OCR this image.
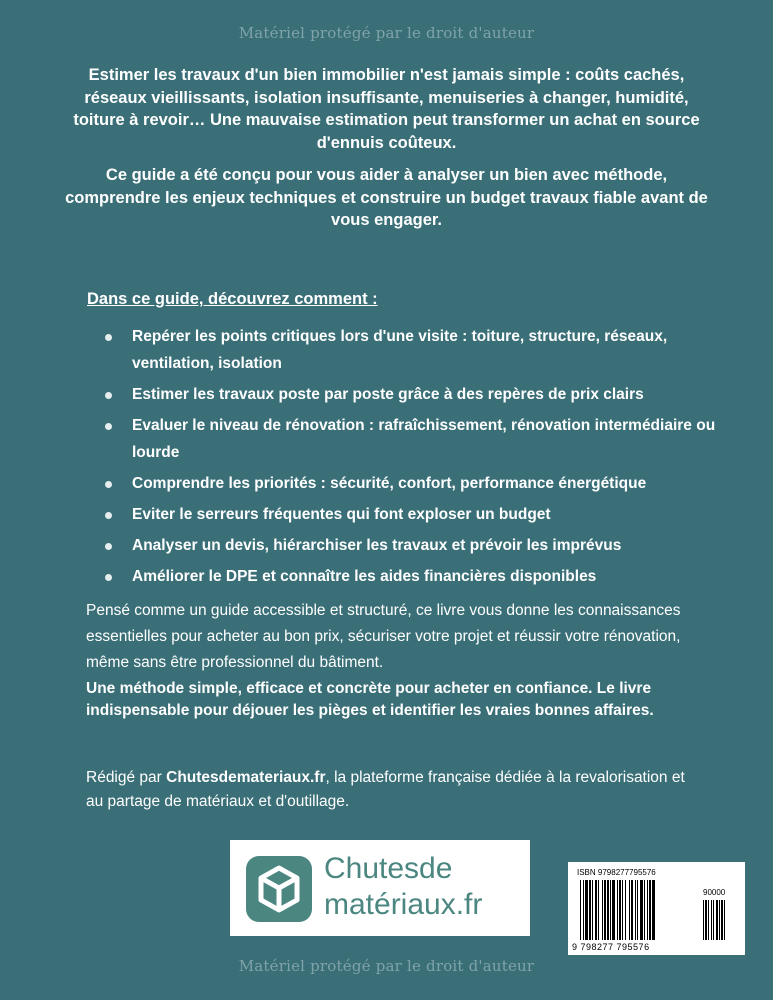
Matériel protégé par le droit d'auteur

Estimer les travaux d'un bien immobilier n'est jamais simple : coûts cachés, réseaux vieillissants, isolation insuffisante, menuiseries à changer, humidité, toiture à revoir… Une mauvaise estimation peut transformer un achat en source d'ennuis coûteux.

Ce guide a été conçu pour vous aider à analyser un bien avec méthode, comprendre les enjeux techniques et construire un budget travaux fiable avant de vous engager.

Dans ce guide, découvrez comment :
Repérer les points critiques lors d'une visite : toiture, structure, réseaux, ventilation, isolation
Estimer les travaux poste par poste grâce à des repères de prix clairs
Evaluer le niveau de rénovation : rafraîchissement, rénovation intermédiaire ou lourde
Comprendre les priorités : sécurité, confort, performance énergétique
Eviter le serreurs fréquentes qui font exploser un budget
Analyser un devis, hiérarchiser les travaux et prévoir les imprévus
Améliorer le DPE et connaître les aides financières disponibles

Pensé comme un guide accessible et structuré, ce livre vous donne les connaissances essentielles pour acheter au bon prix, sécuriser votre projet et réussir votre rénovation, même sans être professionnel du bâtiment.

Une méthode simple, efficace et concrète pour acheter en confiance. Le livre indispensable pour déjouer les pièges et identifier les vraies bonnes affaires.

Rédigé par Chutesdemateriaux.fr, la plateforme française dédiée à la revalorisation et au partage de matériaux et d'outillage.

Chutesde
matériaux.fr
ISBN 9798277795576
90000
9 798277 795576
Matériel protégé par le droit d'auteur
